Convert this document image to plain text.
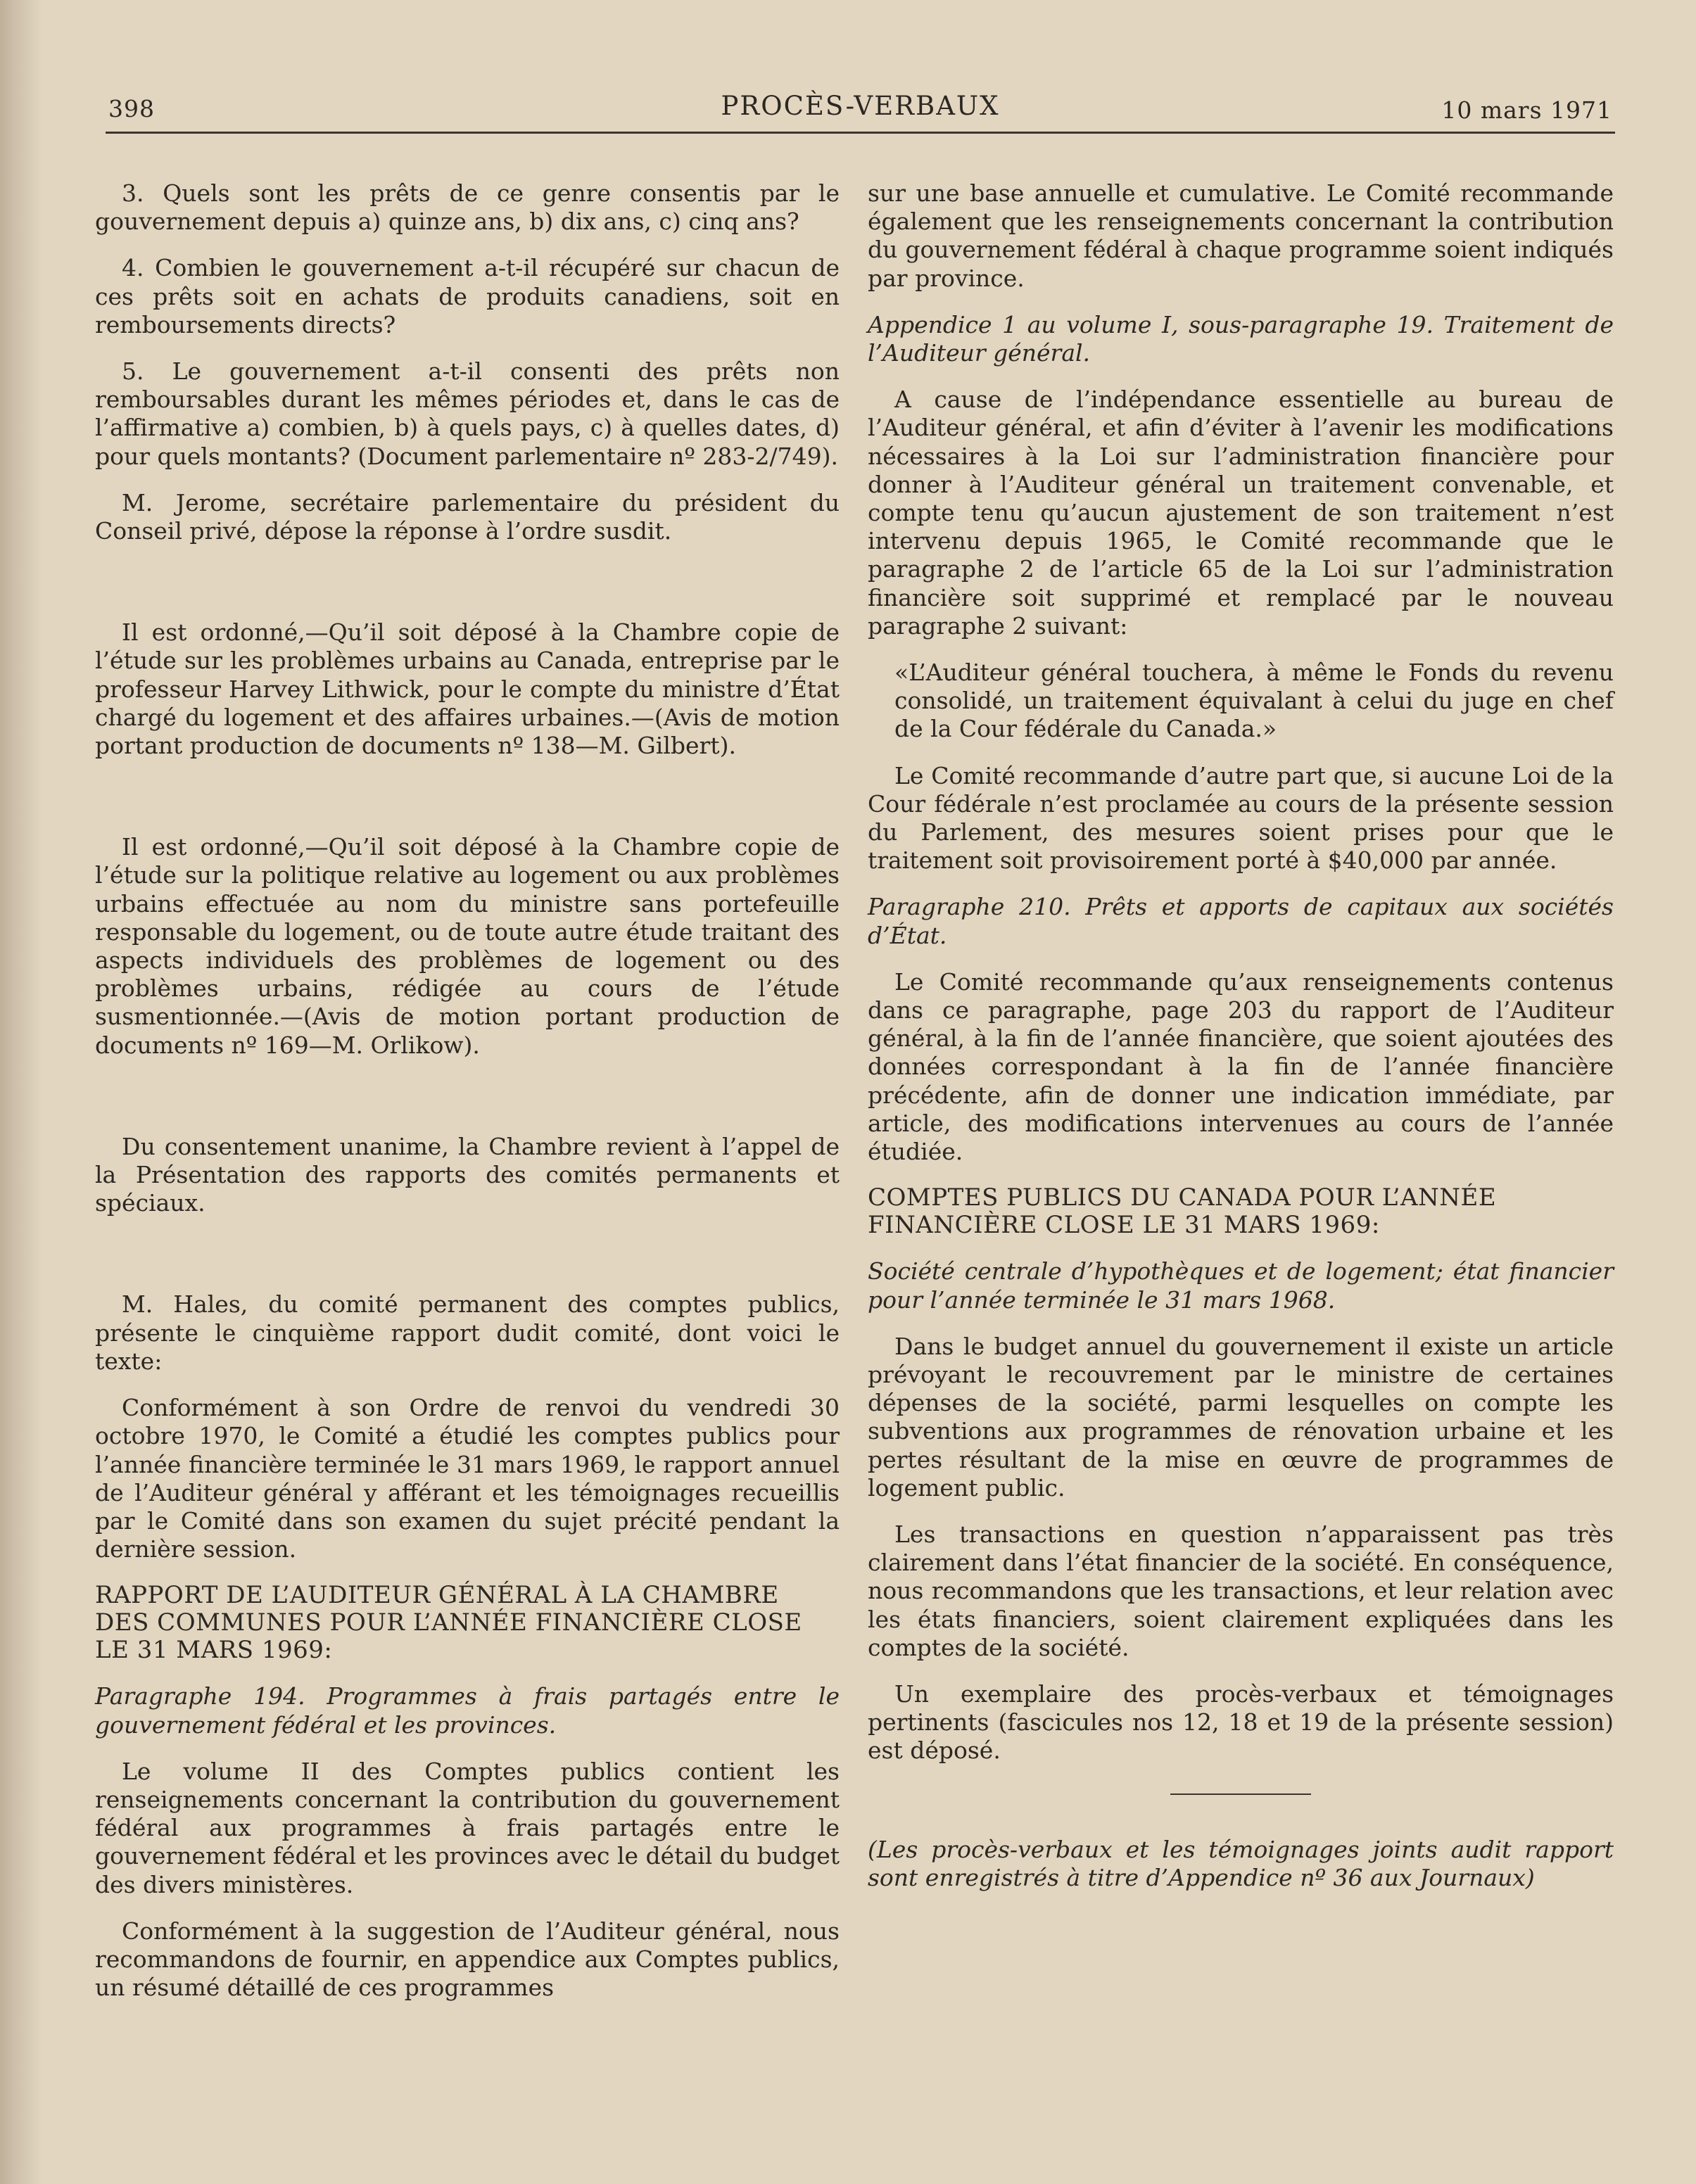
398	PROCÈS-VERBAUX	10 mars 1971

3. Quels sont les prêts de ce genre consentis par le gouvernement depuis a) quinze ans, b) dix ans, c) cinq ans?

4. Combien le gouvernement a-t-il récupéré sur chacun de ces prêts soit en achats de produits canadiens, soit en remboursements directs?

5. Le gouvernement a-t-il consenti des prêts non remboursables durant les mêmes périodes et, dans le cas de l’affirmative a) combien, b) à quels pays, c) à quelles dates, d) pour quels montants? (Document parlementaire nº 283-2/749).

M. Jerome, secrétaire parlementaire du président du Conseil privé, dépose la réponse à l’ordre susdit.

Il est ordonné,—Qu’il soit déposé à la Chambre copie de l’étude sur les problèmes urbains au Canada, entreprise par le professeur Harvey Lithwick, pour le compte du ministre d’État chargé du logement et des affaires urbaines.—(Avis de motion portant production de documents nº 138—M. Gilbert).

Il est ordonné,—Qu’il soit déposé à la Chambre copie de l’étude sur la politique relative au logement ou aux problèmes urbains effectuée au nom du ministre sans portefeuille responsable du logement, ou de toute autre étude traitant des aspects individuels des problèmes de logement ou des problèmes urbains, rédigée au cours de l’étude susmentionnée.—(Avis de motion portant production de documents nº 169—M. Orlikow).

Du consentement unanime, la Chambre revient à l’appel de la Présentation des rapports des comités permanents et spéciaux.

M. Hales, du comité permanent des comptes publics, présente le cinquième rapport dudit comité, dont voici le texte:

Conformément à son Ordre de renvoi du vendredi 30 octobre 1970, le Comité a étudié les comptes publics pour l’année financière terminée le 31 mars 1969, le rapport annuel de l’Auditeur général y afférant et les témoignages recueillis par le Comité dans son examen du sujet précité pendant la dernière session.

RAPPORT DE L’AUDITEUR GÉNÉRAL À LA CHAMBRE DES COMMUNES POUR L’ANNÉE FINANCIÈRE CLOSE LE 31 MARS 1969:

Paragraphe 194. Programmes à frais partagés entre le gouvernement fédéral et les provinces.

Le volume II des Comptes publics contient les renseignements concernant la contribution du gouvernement fédéral aux programmes à frais partagés entre le gouvernement fédéral et les provinces avec le détail du budget des divers ministères.

Conformément à la suggestion de l’Auditeur général, nous recommandons de fournir, en appendice aux Comptes publics, un résumé détaillé de ces programmes

sur une base annuelle et cumulative. Le Comité recommande également que les renseignements concernant la contribution du gouvernement fédéral à chaque programme soient indiqués par province.

Appendice 1 au volume I, sous-paragraphe 19. Traitement de l’Auditeur général.

A cause de l’indépendance essentielle au bureau de l’Auditeur général, et afin d’éviter à l’avenir les modifications nécessaires à la Loi sur l’administration financière pour donner à l’Auditeur général un traitement convenable, et compte tenu qu’aucun ajustement de son traitement n’est intervenu depuis 1965, le Comité recommande que le paragraphe 2 de l’article 65 de la Loi sur l’administration financière soit supprimé et remplacé par le nouveau paragraphe 2 suivant:

«L’Auditeur général touchera, à même le Fonds du revenu consolidé, un traitement équivalant à celui du juge en chef de la Cour fédérale du Canada.»

Le Comité recommande d’autre part que, si aucune Loi de la Cour fédérale n’est proclamée au cours de la présente session du Parlement, des mesures soient prises pour que le traitement soit provisoirement porté à $40,000 par année.

Paragraphe 210. Prêts et apports de capitaux aux sociétés d’État.

Le Comité recommande qu’aux renseignements contenus dans ce paragraphe, page 203 du rapport de l’Auditeur général, à la fin de l’année financière, que soient ajoutées des données correspondant à la fin de l’année financière précédente, afin de donner une indication immédiate, par article, des modifications intervenues au cours de l’année étudiée.

COMPTES PUBLICS DU CANADA POUR L’ANNÉE FINANCIÈRE CLOSE LE 31 MARS 1969:

Société centrale d’hypothèques et de logement; état financier pour l’année terminée le 31 mars 1968.

Dans le budget annuel du gouvernement il existe un article prévoyant le recouvrement par le ministre de certaines dépenses de la société, parmi lesquelles on compte les subventions aux programmes de rénovation urbaine et les pertes résultant de la mise en œuvre de programmes de logement public.

Les transactions en question n’apparaissent pas très clairement dans l’état financier de la société. En conséquence, nous recommandons que les transactions, et leur relation avec les états financiers, soient clairement expliquées dans les comptes de la société.

Un exemplaire des procès-verbaux et témoignages pertinents (fascicules nos 12, 18 et 19 de la présente session) est déposé.

(Les procès-verbaux et les témoignages joints audit rapport sont enregistrés à titre d’Appendice nº 36 aux Journaux)
